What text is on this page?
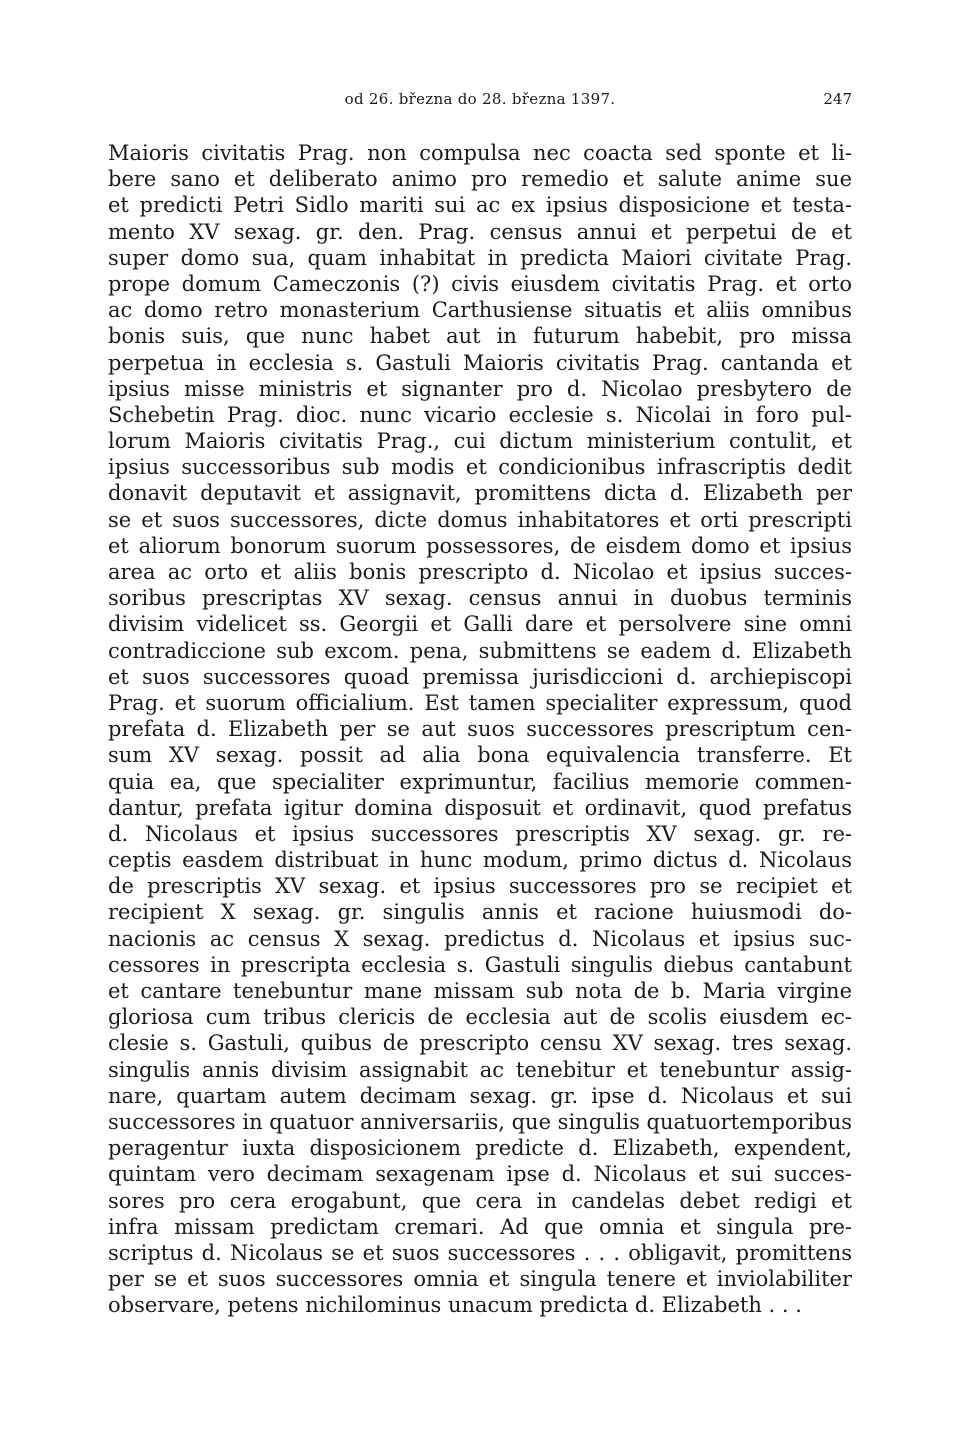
od 26. března do 28. března 1397.	247
Maioris civitatis Prag. non compulsa nec coacta sed sponte et li-
bere sano et deliberato animo pro remedio et salute anime sue
et predicti Petri Sidlo mariti sui ac ex ipsius disposicione et testa-
mento XV sexag. gr. den. Prag. census annui et perpetui de et
super domo sua, quam inhabitat in predicta Maiori civitate Prag.
prope domum Cameczonis (?) civis eiusdem civitatis Prag. et orto
ac domo retro monasterium Carthusiense situatis et aliis omnibus
bonis suis, que nunc habet aut in futurum habebit, pro missa
perpetua in ecclesia s. Gastuli Maioris civitatis Prag. cantanda et
ipsius misse ministris et signanter pro d. Nicolao presbytero de
Schebetin Prag. dioc. nunc vicario ecclesie s. Nicolai in foro pul-
lorum Maioris civitatis Prag., cui dictum ministerium contulit, et
ipsius successoribus sub modis et condicionibus infrascriptis dedit
donavit deputavit et assignavit, promittens dicta d. Elizabeth per
se et suos successores, dicte domus inhabitatores et orti prescripti
et aliorum bonorum suorum possessores, de eisdem domo et ipsius
area ac orto et aliis bonis prescripto d. Nicolao et ipsius succes-
soribus prescriptas XV sexag. census annui in duobus terminis
divisim videlicet ss. Georgii et Galli dare et persolvere sine omni
contradiccione sub excom. pena, submittens se eadem d. Elizabeth
et suos successores quoad premissa jurisdiccioni d. archiepiscopi
Prag. et suorum officialium. Est tamen specialiter expressum, quod
prefata d. Elizabeth per se aut suos successores prescriptum cen-
sum XV sexag. possit ad alia bona equivalencia transferre. Et
quia ea, que specialiter exprimuntur, facilius memorie commen-
dantur, prefata igitur domina disposuit et ordinavit, quod prefatus
d. Nicolaus et ipsius successores prescriptis XV sexag. gr. re-
ceptis easdem distribuat in hunc modum, primo dictus d. Nicolaus
de prescriptis XV sexag. et ipsius successores pro se recipiet et
recipient X sexag. gr. singulis annis et racione huiusmodi do-
nacionis ac census X sexag. predictus d. Nicolaus et ipsius suc-
cessores in prescripta ecclesia s. Gastuli singulis diebus cantabunt
et cantare tenebuntur mane missam sub nota de b. Maria virgine
gloriosa cum tribus clericis de ecclesia aut de scolis eiusdem ec-
clesie s. Gastuli, quibus de prescripto censu XV sexag. tres sexag.
singulis annis divisim assignabit ac tenebitur et tenebuntur assig-
nare, quartam autem decimam sexag. gr. ipse d. Nicolaus et sui
successores in quatuor anniversariis, que singulis quatuortemporibus
peragentur iuxta disposicionem predicte d. Elizabeth, expendent,
quintam vero decimam sexagenam ipse d. Nicolaus et sui succes-
sores pro cera erogabunt, que cera in candelas debet redigi et
infra missam predictam cremari. Ad que omnia et singula pre-
scriptus d. Nicolaus se et suos successores . . . obligavit, promittens
per se et suos successores omnia et singula tenere et inviolabiliter
observare, petens nichilominus unacum predicta d. Elizabeth . . .
